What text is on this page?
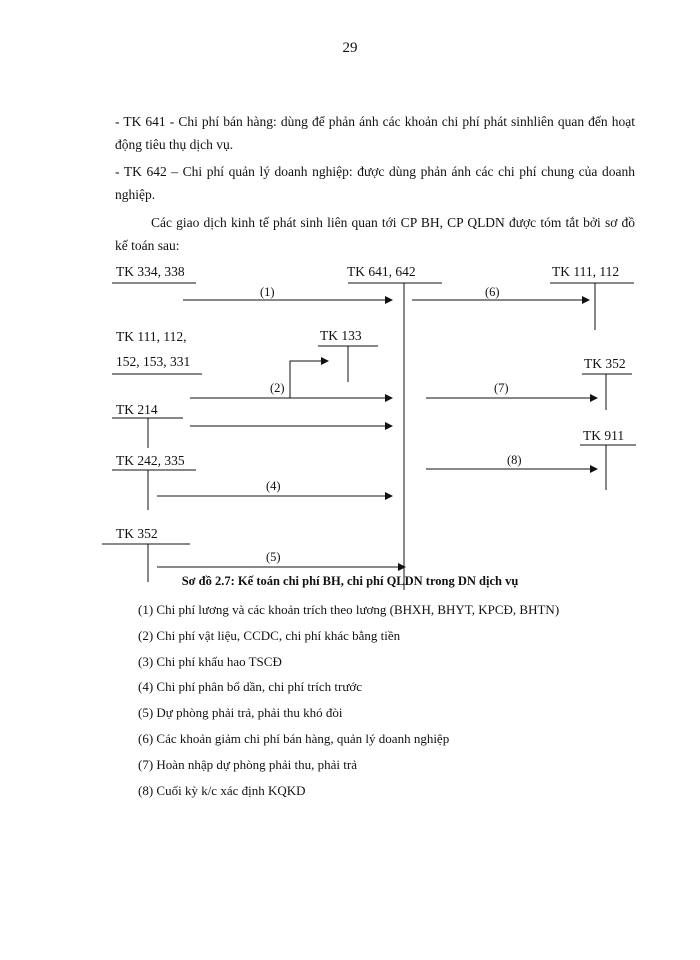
29
- TK 641 - Chi phí bán hàng: dùng để phản ánh các khoản chi phí phát sinhliên quan đến hoạt động tiêu thụ dịch vụ.
- TK 642 – Chi phí quản lý doanh nghiệp: được dùng phản ánh các chi phí chung của doanh nghiệp.
Các giao dịch kinh tế phát sinh liên quan tới CP BH, CP QLDN được tóm tắt bởi sơ đồ kế toán sau:
TK 334, 338	TK 641, 642	TK 111, 112
TK 111, 112,
152, 153, 331
TK 133
TK 352
TK 214
TK 911
TK 242, 335
TK 352
(1)
(2)
(4)
(5)
(6)
(7)
(8)
Sơ đồ 2.7: Kế toán chi phí BH, chi phí QLDN trong DN dịch vụ
(1) Chi phí lương và các khoản trích theo lương (BHXH, BHYT, KPCĐ, BHTN)
(2) Chi phí vật liệu, CCDC, chi phí khác bằng tiền
(3) Chi phí khấu hao TSCĐ
(4) Chi phí phân bổ dần, chi phí trích trước
(5) Dự phòng phải trả, phải thu khó đòi
(6) Các khoản giảm chi phí bán hàng, quản lý doanh nghiệp
(7) Hoàn nhập dự phòng phải thu, phải trả
(8) Cuối kỳ k/c xác định KQKD
